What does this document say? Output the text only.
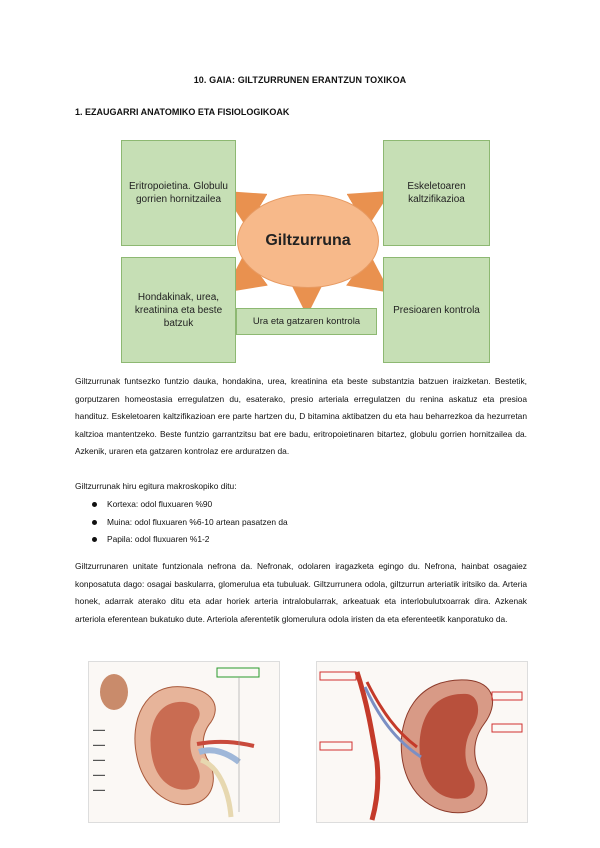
10. GAIA: GILTZURRUNEN ERANTZUN TOXIKOA
1. EZAUGARRI ANATOMIKO ETA FISIOLOGIKOAK
Eritropoietina. Globulu gorrien hornitzailea
Eskeletoaren kaltzifikazioa
Hondakinak, urea, kreatinina eta beste batzuk
Presioaren kontrola
Ura eta gatzaren kontrola
Giltzurruna

Giltzurrunak funtsezko funtzio dauka, hondakina, urea, kreatinina eta beste substantzia batzuen iraizketan. Bestetik, gorputzaren homeostasia erregulatzen du, esaterako, presio arteriala erregulatzen du renina askatuz eta presioa handituz. Eskeletoaren kaltzifikazioan ere parte hartzen du, D bitamina aktibatzen du eta hau beharrezkoa da hezurretan kaltzioa mantentzeko. Beste funtzio garrantzitsu bat ere badu, eritropoietinaren bitartez, globulu gorrien hornitzailea da. Azkenik, uraren eta gatzaren kontrolaz ere arduratzen da.

Giltzurrunak hiru egitura makroskopiko ditu:

Kortexa: odol fluxuaren %90
Muina: odol fluxuaren %6-10 artean pasatzen da
Papila: odol fluxuaren %1-2

Giltzurrunaren unitate funtzionala nefrona da. Nefronak, odolaren iragazketa egingo du. Nefrona, hainbat osagaiez konposatuta dago: osagai baskularra, glomerulua eta tubuluak. Giltzurrunera odola, giltzurrun arteriatik iritsiko da. Arteria honek, adarrak aterako ditu eta adar horiek arteria intralobularrak, arkeatuak eta interlobulutxoarrak dira. Azkenak arteriola eferentean bukatuko dute. Arteriola aferentetik glomerulura odola iristen da eta eferenteetik kanporatuko da.

▬▬▬
▬▬▬
▬▬▬
▬▬▬
▬▬▬
